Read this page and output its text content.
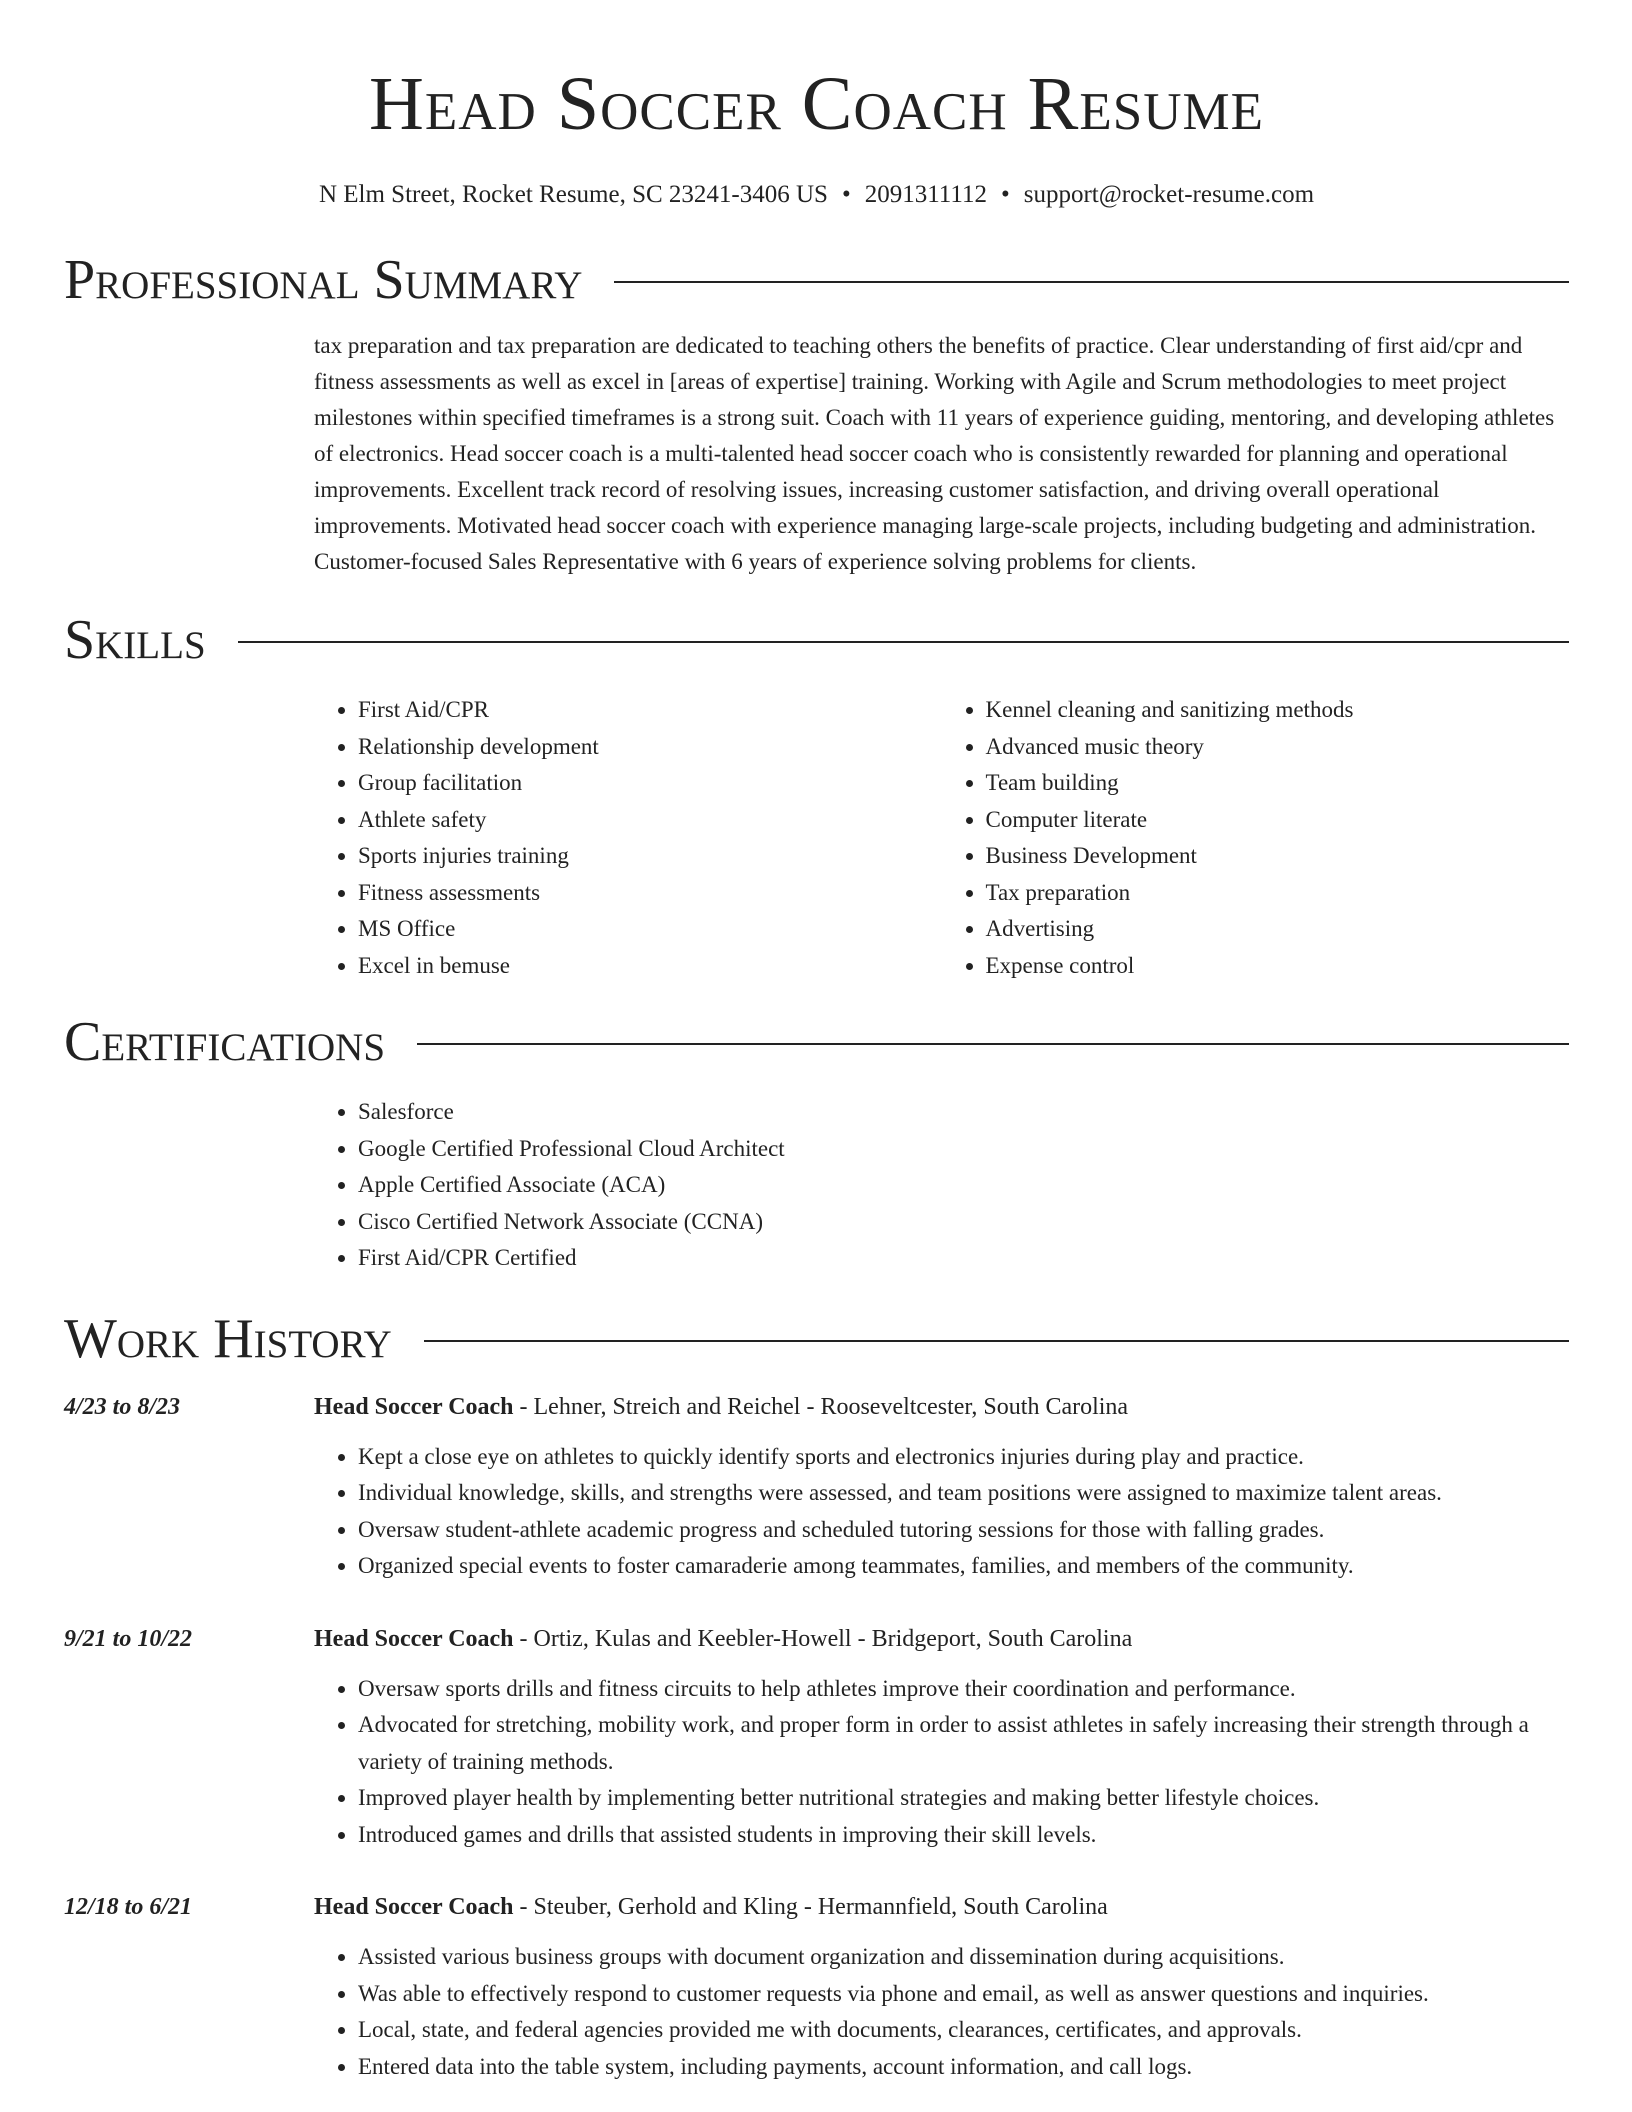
Head Soccer Coach Resume
N Elm Street, Rocket Resume, SC 23241-3406 US • 2091311112 • support@rocket-resume.com
Professional Summary
tax preparation and tax preparation are dedicated to teaching others the benefits of practice. Clear understanding of first aid/cpr and fitness assessments as well as excel in [areas of expertise] training. Working with Agile and Scrum methodologies to meet project milestones within specified timeframes is a strong suit. Coach with 11 years of experience guiding, mentoring, and developing athletes of electronics. Head soccer coach is a multi-talented head soccer coach who is consistently rewarded for planning and operational improvements. Excellent track record of resolving issues, increasing customer satisfaction, and driving overall operational improvements. Motivated head soccer coach with experience managing large-scale projects, including budgeting and administration. Customer-focused Sales Representative with 6 years of experience solving problems for clients.
Skills
• First Aid/CPR
• Relationship development
• Group facilitation
• Athlete safety
• Sports injuries training
• Fitness assessments
• MS Office
• Excel in bemuse
• Kennel cleaning and sanitizing methods
• Advanced music theory
• Team building
• Computer literate
• Business Development
• Tax preparation
• Advertising
• Expense control
Certifications
• Salesforce
• Google Certified Professional Cloud Architect
• Apple Certified Associate (ACA)
• Cisco Certified Network Associate (CCNA)
• First Aid/CPR Certified
Work History
4/23 to 8/23	Head Soccer Coach - Lehner, Streich and Reichel - Rooseveltcester, South Carolina
• Kept a close eye on athletes to quickly identify sports and electronics injuries during play and practice.
• Individual knowledge, skills, and strengths were assessed, and team positions were assigned to maximize talent areas.
• Oversaw student-athlete academic progress and scheduled tutoring sessions for those with falling grades.
• Organized special events to foster camaraderie among teammates, families, and members of the community.
9/21 to 10/22	Head Soccer Coach - Ortiz, Kulas and Keebler-Howell - Bridgeport, South Carolina
• Oversaw sports drills and fitness circuits to help athletes improve their coordination and performance.
• Advocated for stretching, mobility work, and proper form in order to assist athletes in safely increasing their strength through a variety of training methods.
• Improved player health by implementing better nutritional strategies and making better lifestyle choices.
• Introduced games and drills that assisted students in improving their skill levels.
12/18 to 6/21	Head Soccer Coach - Steuber, Gerhold and Kling - Hermannfield, South Carolina
• Assisted various business groups with document organization and dissemination during acquisitions.
• Was able to effectively respond to customer requests via phone and email, as well as answer questions and inquiries.
• Local, state, and federal agencies provided me with documents, clearances, certificates, and approvals.
• Entered data into the table system, including payments, account information, and call logs.
